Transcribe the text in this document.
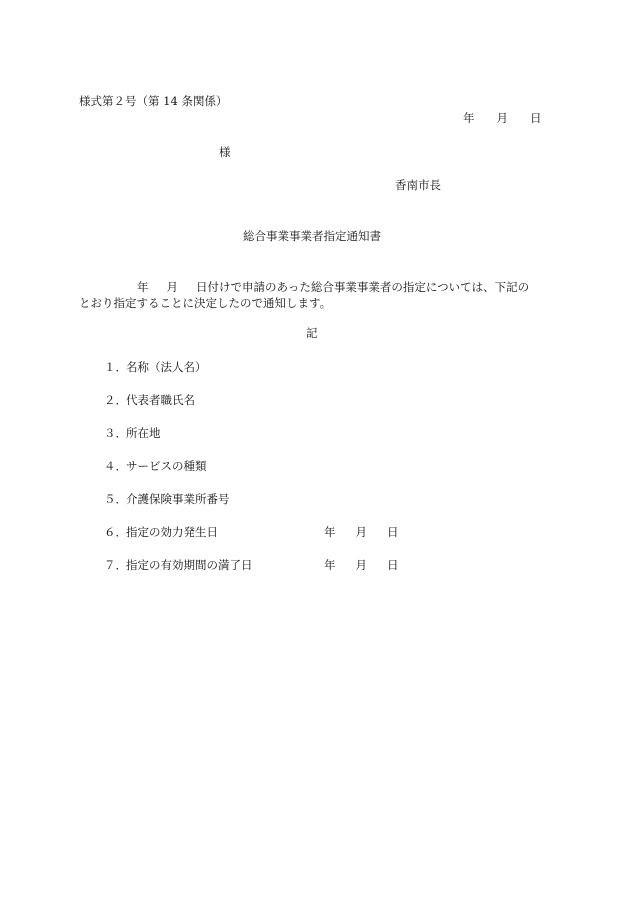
様式第２号（第 14 条関係）
年 月 日
様
香南市長
総合事業事業者指定通知書
年 月 日付けで申請のあった総合事業事業者の指定については、下記の
とおり指定することに決定したので通知します。
記
１．名称（法人名）
２．代表者職氏名
３．所在地
４．サービスの種類
５．介護保険事業所番号
６．指定の効力発生日	年 月 日
７．指定の有効期間の満了日	年 月 日
